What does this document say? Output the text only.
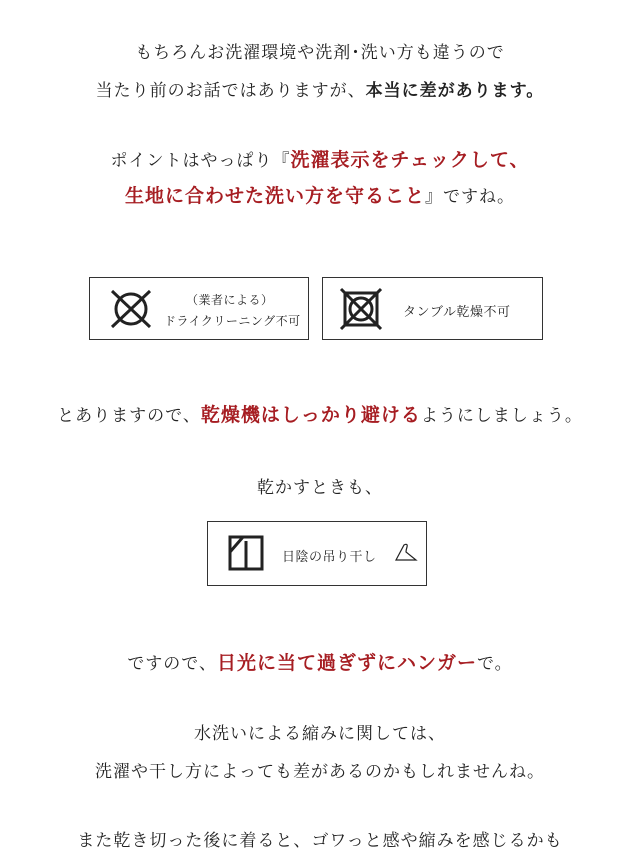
もちろんお洗濯環境や洗剤･洗い方も違うので
当たり前のお話ではありますが、本当に差があります。
ポイントはやっぱり『洗濯表示をチェックして、
生地に合わせた洗い方を守ること』ですね。
（業者による）
ドライクリーニング不可
タンブル乾燥不可
とありますので、乾燥機はしっかり避けるようにしましょう。
乾かすときも、
日陰の吊り干し
ですので、日光に当て過ぎずにハンガーで。
水洗いによる縮みに関しては、
洗濯や干し方によっても差があるのかもしれませんね。
また乾き切った後に着ると、ゴワっと感や縮みを感じるかも
